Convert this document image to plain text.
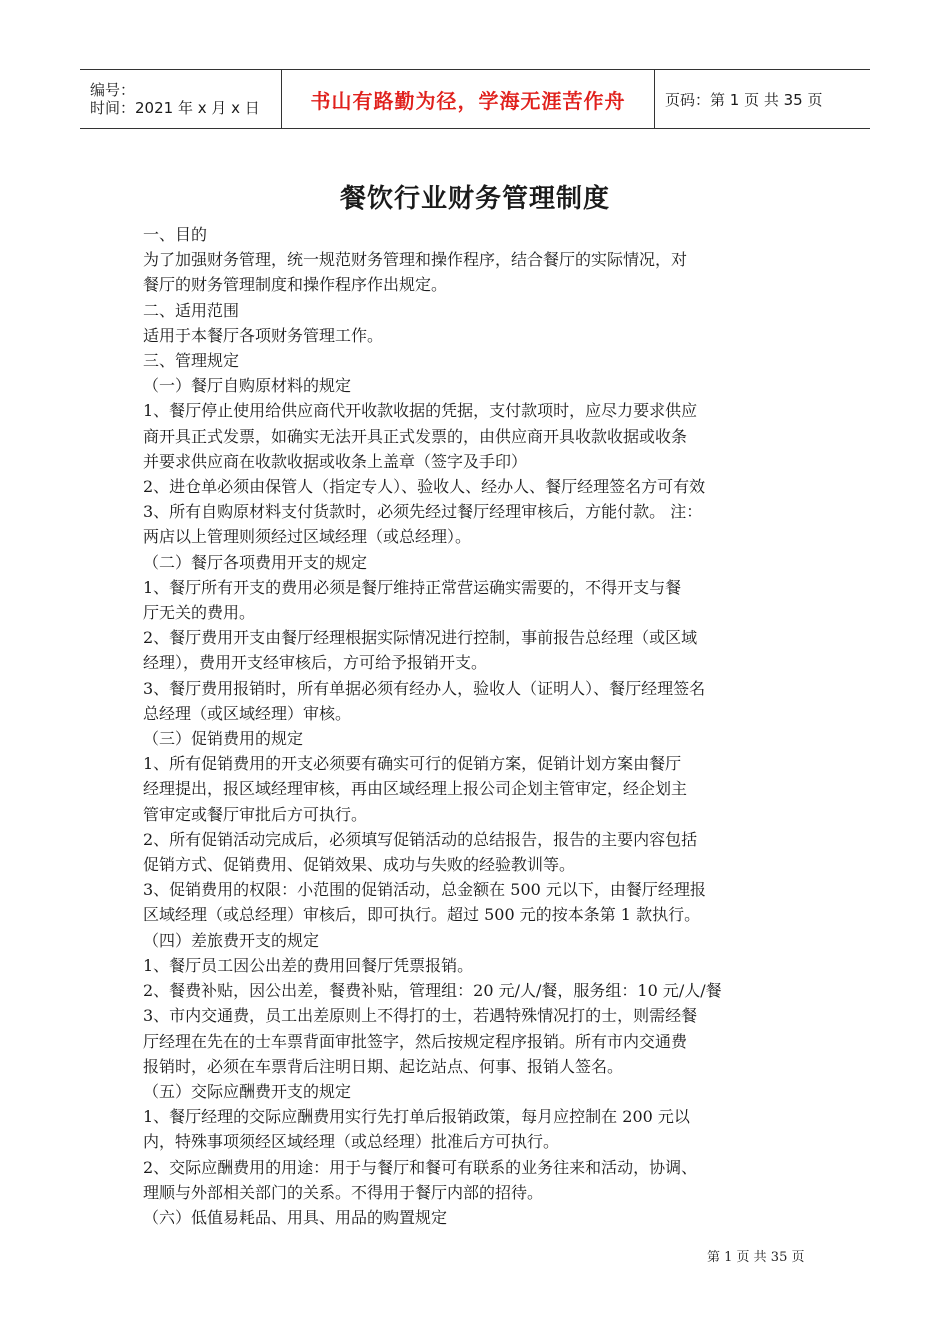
编号：
时间：2021 年 x 月 x 日	书山有路勤为径，学海无涯苦作舟	页码：第 1 页 共 35 页
餐饮行业财务管理制度

一、目的

为了加强财务管理，统一规范财务管理和操作程序，结合餐厅的实际情况，对

餐厅的财务管理制度和操作程序作出规定。

二、适用范围

适用于本餐厅各项财务管理工作。

三、管理规定

（一）餐厅自购原材料的规定

1、餐厅停止使用给供应商代开收款收据的凭据，支付款项时，应尽力要求供应

商开具正式发票，如确实无法开具正式发票的，由供应商开具收款收据或收条

并要求供应商在收款收据或收条上盖章（签字及手印）

2、进仓单必须由保管人（指定专人）、验收人、经办人、餐厅经理签名方可有效

3、所有自购原材料支付货款时，必须先经过餐厅经理审核后，方能付款。 注：

两店以上管理则须经过区域经理（或总经理）。

（二）餐厅各项费用开支的规定

1、餐厅所有开支的费用必须是餐厅维持正常营运确实需要的，不得开支与餐

厅无关的费用。

2、餐厅费用开支由餐厅经理根据实际情况进行控制，事前报告总经理（或区域

经理），费用开支经审核后，方可给予报销开支。

3、餐厅费用报销时，所有单据必须有经办人，验收人（证明人）、餐厅经理签名

总经理（或区域经理）审核。

（三）促销费用的规定

1、所有促销费用的开支必须要有确实可行的促销方案，促销计划方案由餐厅

经理提出，报区域经理审核，再由区域经理上报公司企划主管审定，经企划主

管审定或餐厅审批后方可执行。

2、所有促销活动完成后，必须填写促销活动的总结报告，报告的主要内容包括

促销方式、促销费用、促销效果、成功与失败的经验教训等。

3、促销费用的权限：小范围的促销活动，总金额在 500 元以下，由餐厅经理报

区域经理（或总经理）审核后，即可执行。超过 500 元的按本条第 1 款执行。

（四）差旅费开支的规定

1、餐厅员工因公出差的费用回餐厅凭票报销。

2、餐费补贴，因公出差，餐费补贴，管理组：20 元/人/餐，服务组：10 元/人/餐

3、市内交通费，员工出差原则上不得打的士，若遇特殊情况打的士，则需经餐

厅经理在先在的士车票背面审批签字，然后按规定程序报销。所有市内交通费

报销时，必须在车票背后注明日期、起讫站点、何事、报销人签名。

（五）交际应酬费开支的规定

1、餐厅经理的交际应酬费用实行先打单后报销政策，每月应控制在 200 元以

内，特殊事项须经区域经理（或总经理）批准后方可执行。

2、交际应酬费用的用途：用于与餐厅和餐可有联系的业务往来和活动，协调、

理顺与外部相关部门的关系。不得用于餐厅内部的招待。

（六）低值易耗品、用具、用品的购置规定

第 1 页 共 35 页
